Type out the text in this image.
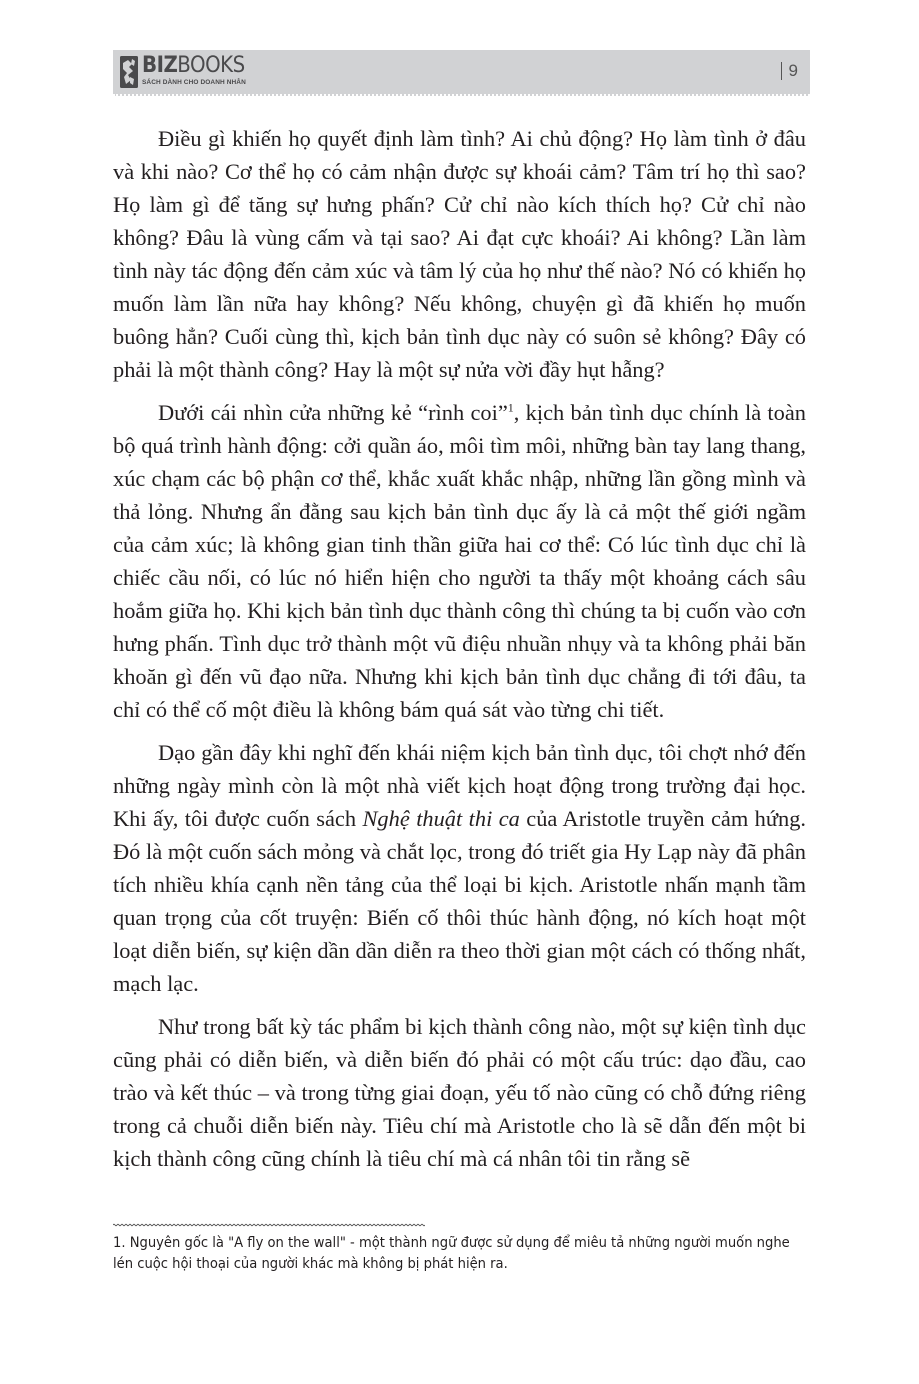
BIZBOOKS
SÁCH DÀNH CHO DOANH NHÂN
9

Điều gì khiến họ quyết định làm tình? Ai chủ động? Họ làm tình ở đâu và khi nào? Cơ thể họ có cảm nhận được sự khoái cảm? Tâm trí họ thì sao? Họ làm gì để tăng sự hưng phấn? Cử chỉ nào kích thích họ? Cử chỉ nào không? Đâu là vùng cấm và tại sao? Ai đạt cực khoái? Ai không? Lần làm tình này tác động đến cảm xúc và tâm lý của họ như thế nào? Nó có khiến họ muốn làm lần nữa hay không? Nếu không, chuyện gì đã khiến họ muốn buông hẳn? Cuối cùng thì, kịch bản tình dục này có suôn sẻ không? Đây có phải là một thành công? Hay là một sự nửa vời đầy hụt hẫng?

Dưới cái nhìn cửa những kẻ “rình coi”$^1$, kịch bản tình dục chính là toàn bộ quá trình hành động: cởi quần áo, môi tìm môi, những bàn tay lang thang, xúc chạm các bộ phận cơ thể, khắc xuất khắc nhập, những lần gồng mình và thả lỏng. Nhưng ẩn đằng sau kịch bản tình dục ấy là cả một thế giới ngầm của cảm xúc; là không gian tinh thần giữa hai cơ thể: Có lúc tình dục chỉ là chiếc cầu nối, có lúc nó hiển hiện cho người ta thấy một khoảng cách sâu hoắm giữa họ. Khi kịch bản tình dục thành công thì chúng ta bị cuốn vào cơn hưng phấn. Tình dục trở thành một vũ điệu nhuần nhụy và ta không phải băn khoăn gì đến vũ đạo nữa. Nhưng khi kịch bản tình dục chẳng đi tới đâu, ta chỉ có thể cố một điều là không bám quá sát vào từng chi tiết.

Dạo gần đây khi nghĩ đến khái niệm kịch bản tình dục, tôi chợt nhớ đến những ngày mình còn là một nhà viết kịch hoạt động trong trường đại học. Khi ấy, tôi được cuốn sách Nghệ thuật thi ca của Aristotle truyền cảm hứng. Đó là một cuốn sách mỏng và chắt lọc, trong đó triết gia Hy Lạp này đã phân tích nhiều khía cạnh nền tảng của thể loại bi kịch. Aristotle nhấn mạnh tầm quan trọng của cốt truyện: Biến cố thôi thúc hành động, nó kích hoạt một loạt diễn biến, sự kiện dần dần diễn ra theo thời gian một cách có thống nhất, mạch lạc.

Như trong bất kỳ tác phẩm bi kịch thành công nào, một sự kiện tình dục cũng phải có diễn biến, và diễn biến đó phải có một cấu trúc: dạo đầu, cao trào và kết thúc – và trong từng giai đoạn, yếu tố nào cũng có chỗ đứng riêng trong cả chuỗi diễn biến này. Tiêu chí mà Aristotle cho là sẽ dẫn đến một bi kịch thành công cũng chính là tiêu chí mà cá nhân tôi tin rằng sẽ

1. Nguyên gốc là "A fly on the wall" - một thành ngữ được sử dụng để miêu tả những người muốn nghe lén cuộc hội thoại của người khác mà không bị phát hiện ra.
